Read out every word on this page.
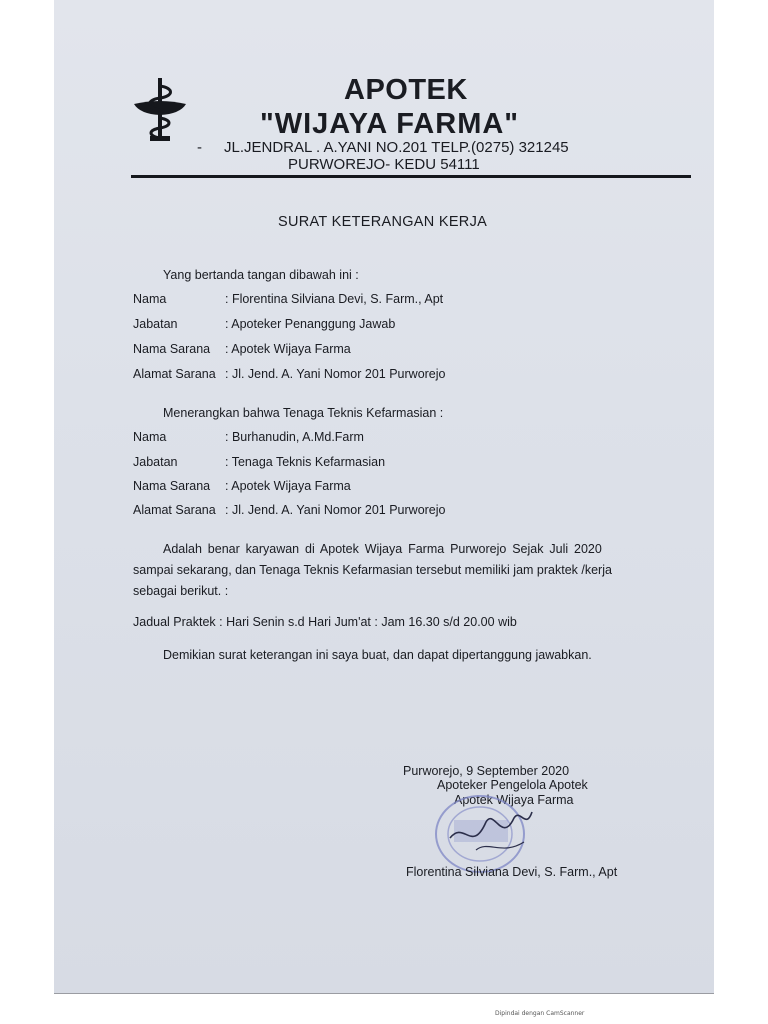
APOTEK
"WIJAYA FARMA"
- JL.JENDRAL . A.YANI NO.201 TELP.(0275) 321245
PURWOREJO- KEDU 54111
SURAT KETERANGAN KERJA
Yang bertanda tangan dibawah ini :
Nama	: Florentina Silviana Devi, S. Farm., Apt
Jabatan	: Apoteker Penanggung Jawab
Nama Sarana : Apotek Wijaya Farma
Alamat Sarana : Jl. Jend. A. Yani Nomor 201 Purworejo
Menerangkan bahwa Tenaga Teknis Kefarmasian :
Nama	: Burhanudin, A.Md.Farm
Jabatan	: Tenaga Teknis Kefarmasian
Nama Sarana : Apotek Wijaya Farma
Alamat Sarana : Jl. Jend. A. Yani Nomor 201 Purworejo
Adalah benar karyawan di Apotek Wijaya Farma Purworejo Sejak Juli 2020
sampai sekarang, dan Tenaga Teknis Kefarmasian tersebut memiliki jam praktek /kerja
sebagai berikut. :
Jadual Praktek : Hari Senin s.d Hari Jum'at : Jam 16.30 s/d 20.00 wib
Demikian surat keterangan ini saya buat, dan dapat dipertanggung jawabkan.
Purworejo, 9 September 2020
Apoteker Pengelola Apotek
Apotek Wijaya Farma
Florentina Silviana Devi, S. Farm., Apt
Dipindai dengan CamScanner
